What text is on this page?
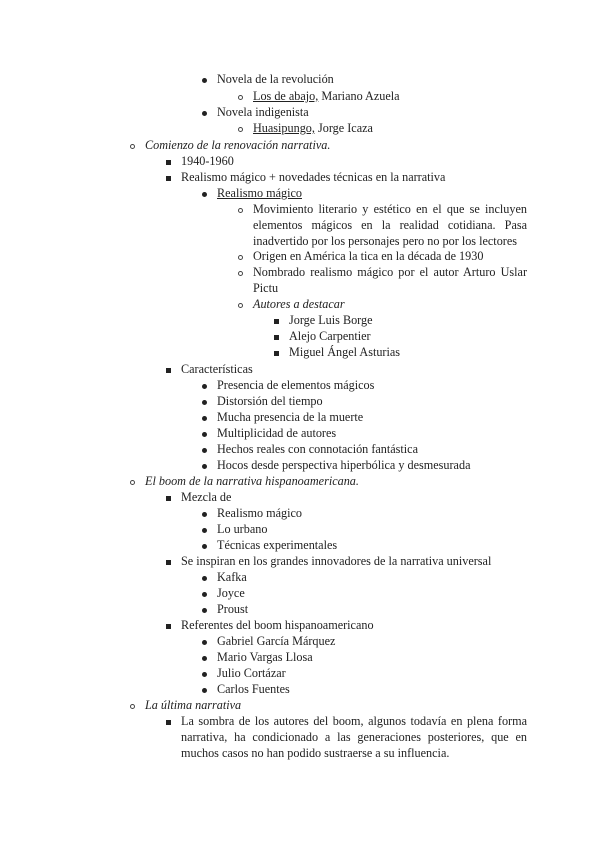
Novela de la revolución
Los de abajo, Mariano Azuela
Novela indigenista
Huasipungo, Jorge Icaza
Comienzo de la renovación narrativa.
1940-1960
Realismo mágico + novedades técnicas en la narrativa
Realismo mágico
Movimiento literario y estético en el que se incluyen elementos mágicos en la realidad cotidiana. Pasa inadvertido por los personajes pero no por los lectores
Origen en América la tica en la década de 1930
Nombrado realismo mágico por el autor Arturo Uslar Pictu
Autores a destacar
Jorge Luis Borge
Alejo Carpentier
Miguel Ángel Asturias
Características
Presencia de elementos mágicos
Distorsión del tiempo
Mucha presencia de la muerte
Multiplicidad de autores
Hechos reales con connotación fantástica
Hocos desde perspectiva hiperbólica y desmesurada
El boom de la narrativa hispanoamericana.
Mezcla de
Realismo mágico
Lo urbano
Técnicas experimentales
Se inspiran en los grandes innovadores de la narrativa universal
Kafka
Joyce
Proust
Referentes del boom hispanoamericano
Gabriel García Márquez
Mario Vargas Llosa
Julio Cortázar
Carlos Fuentes
La última narrativa
La sombra de los autores del boom, algunos todavía en plena forma narrativa, ha condicionado a las generaciones posteriores, que en muchos casos no han podido sustraerse a su influencia.
